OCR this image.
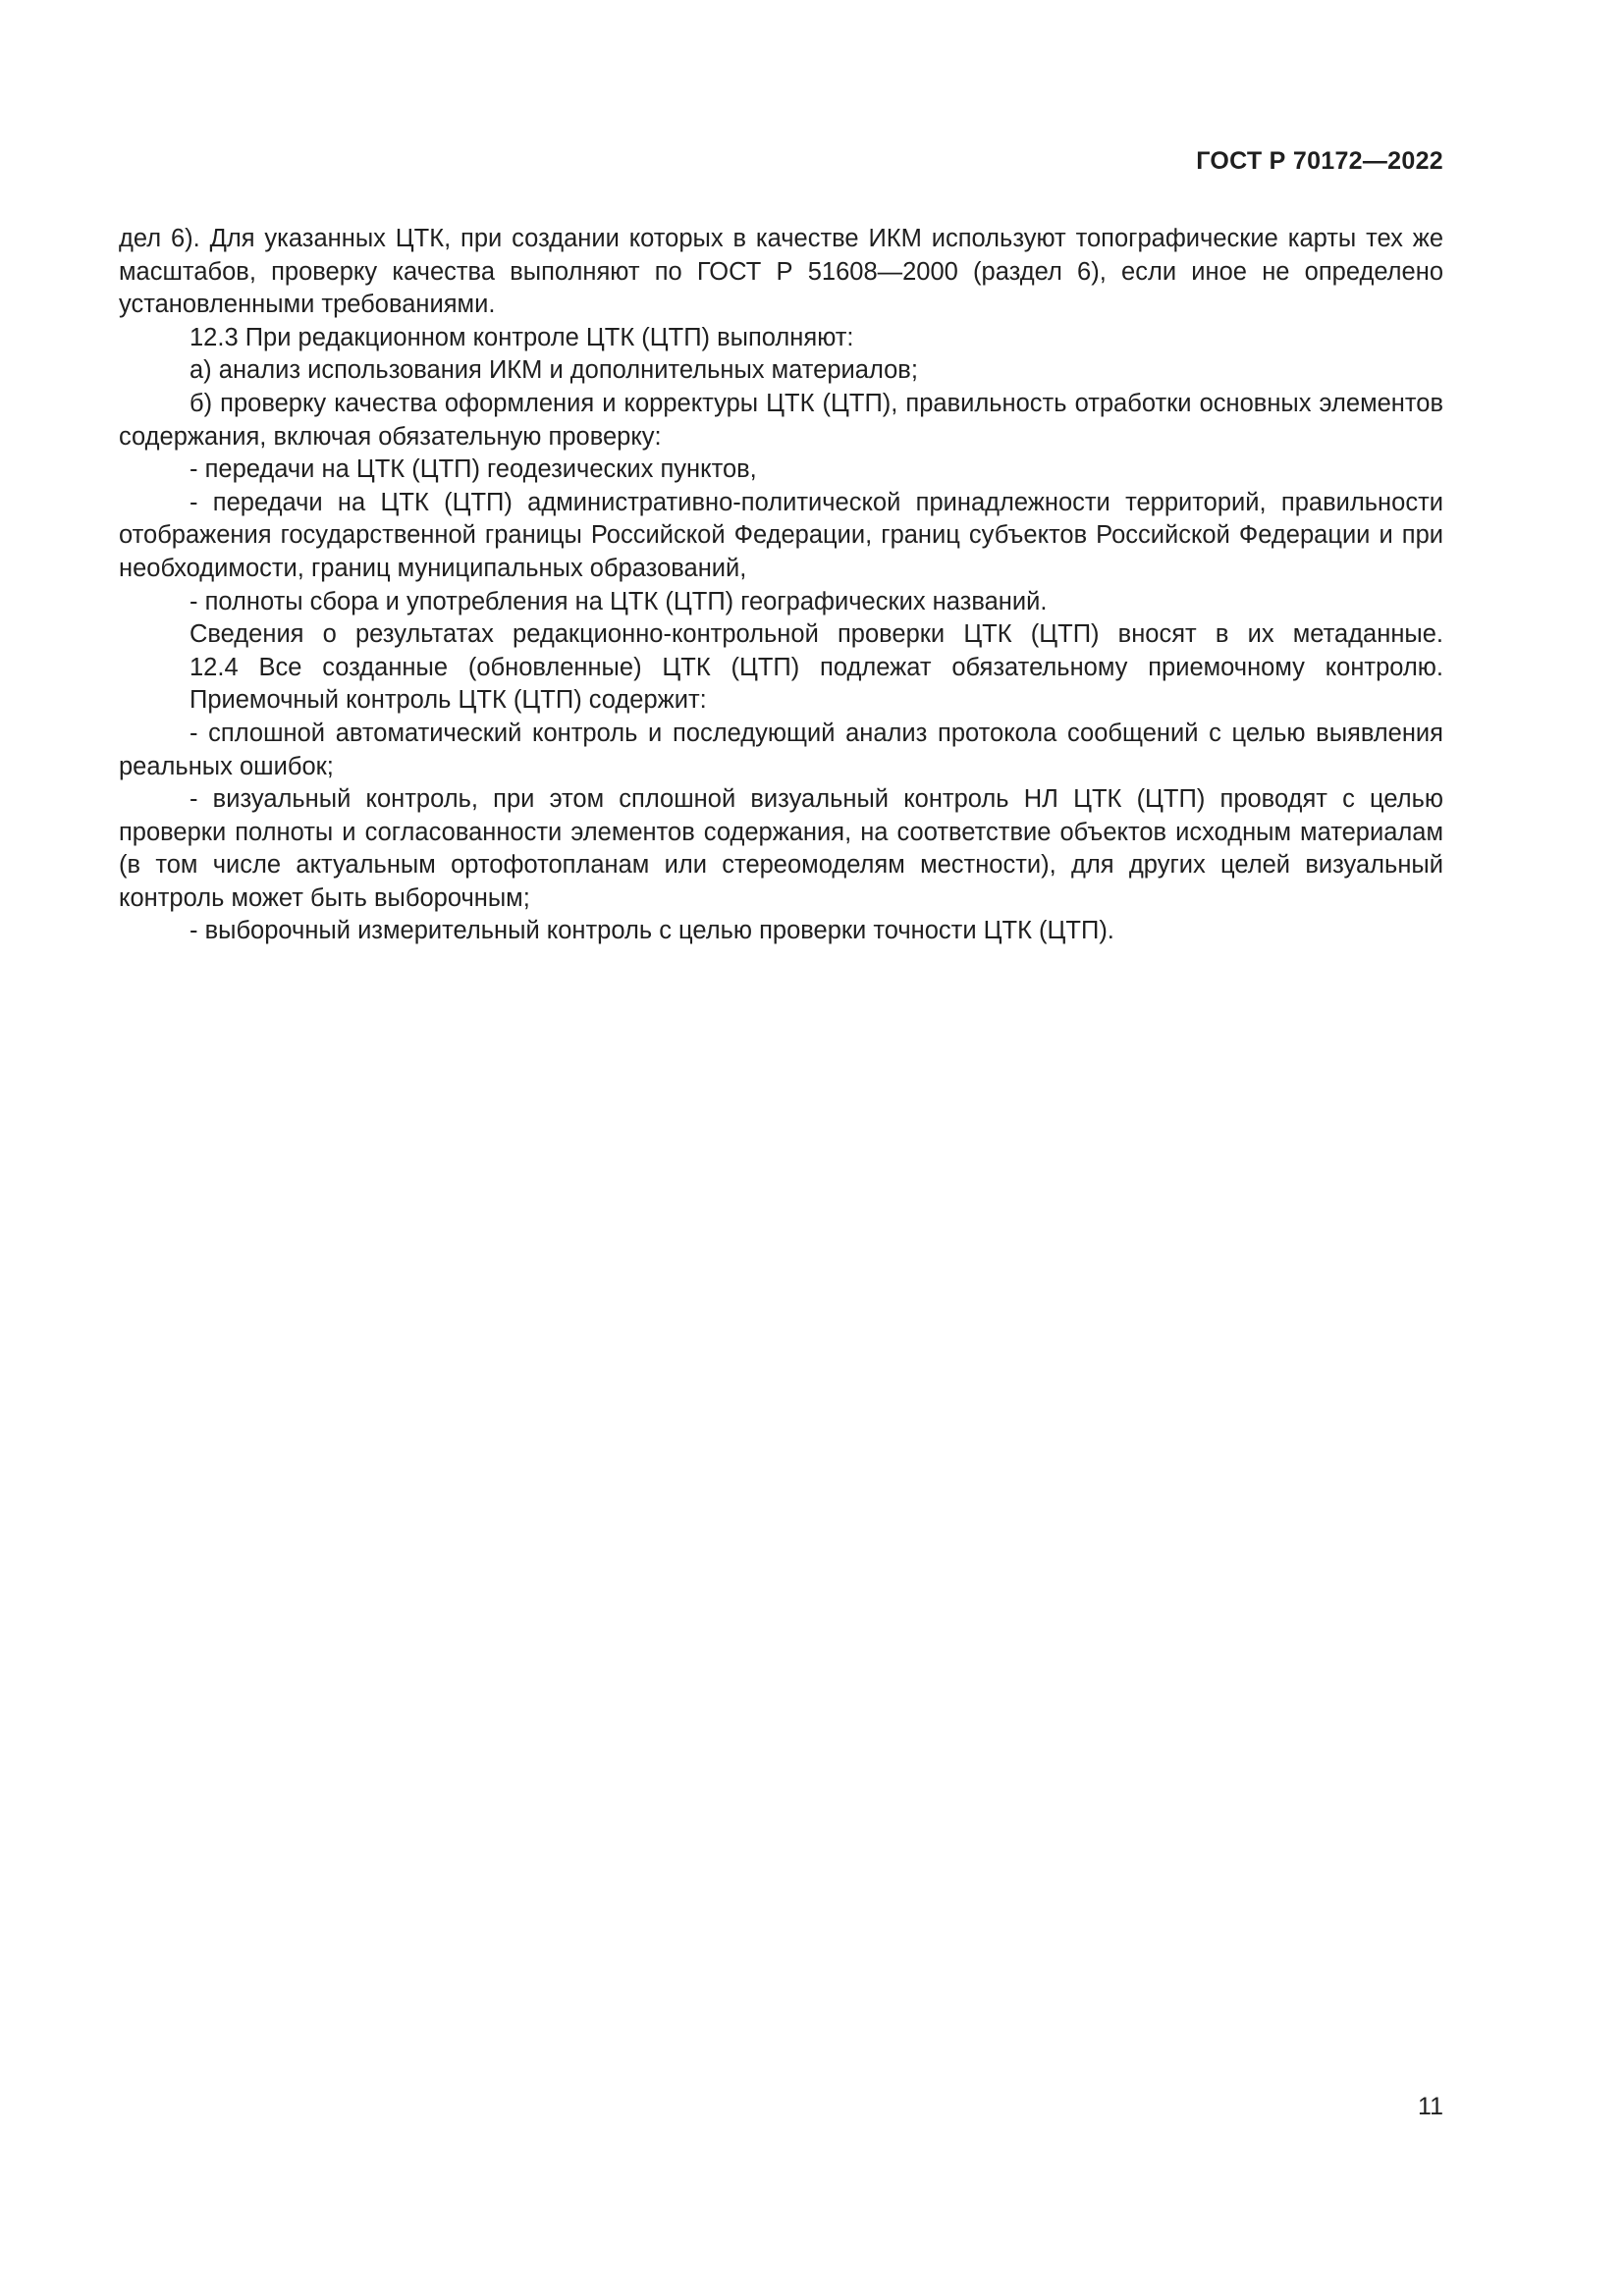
ГОСТ Р 70172—2022

дел 6). Для указанных ЦТК, при создании которых в качестве ИКМ используют топографические карты тех же масштабов, проверку качества выполняют по ГОСТ Р 51608—2000 (раздел 6), если иное не определено установленными требованиями.

12.3 При редакционном контроле ЦТК (ЦТП) выполняют:

а) анализ использования ИКМ и дополнительных материалов;

б) проверку качества оформления и корректуры ЦТК (ЦТП), правильность отработки основных элементов содержания, включая обязательную проверку:

- передачи на ЦТК (ЦТП) геодезических пунктов,

- передачи на ЦТК (ЦТП) административно-политической принадлежности территорий, правильности отображения государственной границы Российской Федерации, границ субъектов Российской Федерации и при необходимости, границ муниципальных образований,

- полноты сбора и употребления на ЦТК (ЦТП) географических названий.

Сведения о результатах редакционно-контрольной проверки ЦТК (ЦТП) вносят в их метаданные.

12.4 Все созданные (обновленные) ЦТК (ЦТП) подлежат обязательному приемочному контролю.

Приемочный контроль ЦТК (ЦТП) содержит:

- сплошной автоматический контроль и последующий анализ протокола сообщений с целью выявления реальных ошибок;

- визуальный контроль, при этом сплошной визуальный контроль НЛ ЦТК (ЦТП) проводят с целью проверки полноты и согласованности элементов содержания, на соответствие объектов исходным материалам (в том числе актуальным ортофотопланам или стереомоделям местности), для других целей визуальный контроль может быть выборочным;

- выборочный измерительный контроль с целью проверки точности ЦТК (ЦТП).

11
